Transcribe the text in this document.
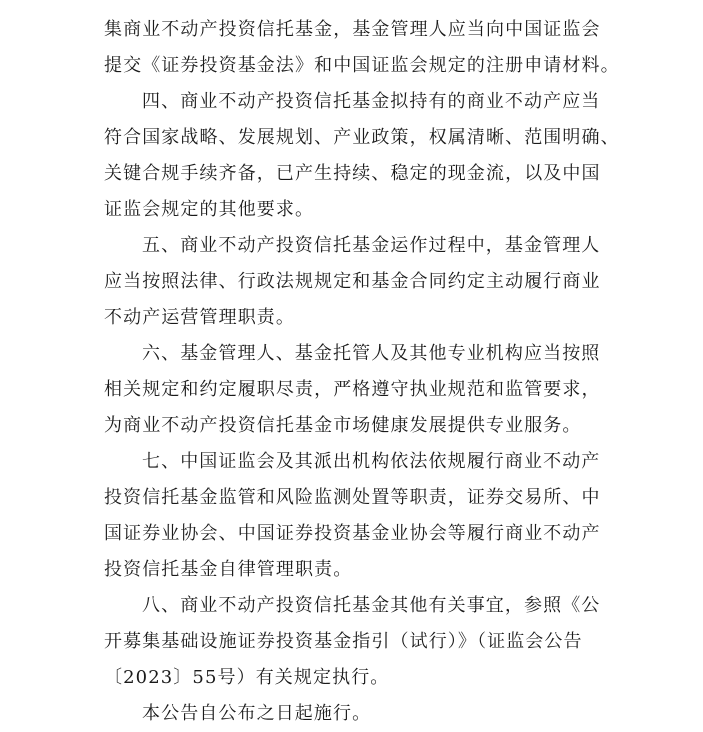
集商业不动产投资信托基金，基金管理人应当向中国证监会
提交《证券投资基金法》和中国证监会规定的注册申请材料。
四、商业不动产投资信托基金拟持有的商业不动产应当
符合国家战略、发展规划、产业政策，权属清晰、范围明确、
关键合规手续齐备，已产生持续、稳定的现金流，以及中国
证监会规定的其他要求。
五、商业不动产投资信托基金运作过程中，基金管理人
应当按照法律、行政法规规定和基金合同约定主动履行商业
不动产运营管理职责。
六、基金管理人、基金托管人及其他专业机构应当按照
相关规定和约定履职尽责，严格遵守执业规范和监管要求，
为商业不动产投资信托基金市场健康发展提供专业服务。
七、中国证监会及其派出机构依法依规履行商业不动产
投资信托基金监管和风险监测处置等职责，证券交易所、中
国证券业协会、中国证券投资基金业协会等履行商业不动产
投资信托基金自律管理职责。
八、商业不动产投资信托基金其他有关事宜，参照《公
开募集基础设施证券投资基金指引（试行）》（证监会公告
〔2023〕55号）有关规定执行。
本公告自公布之日起施行。
